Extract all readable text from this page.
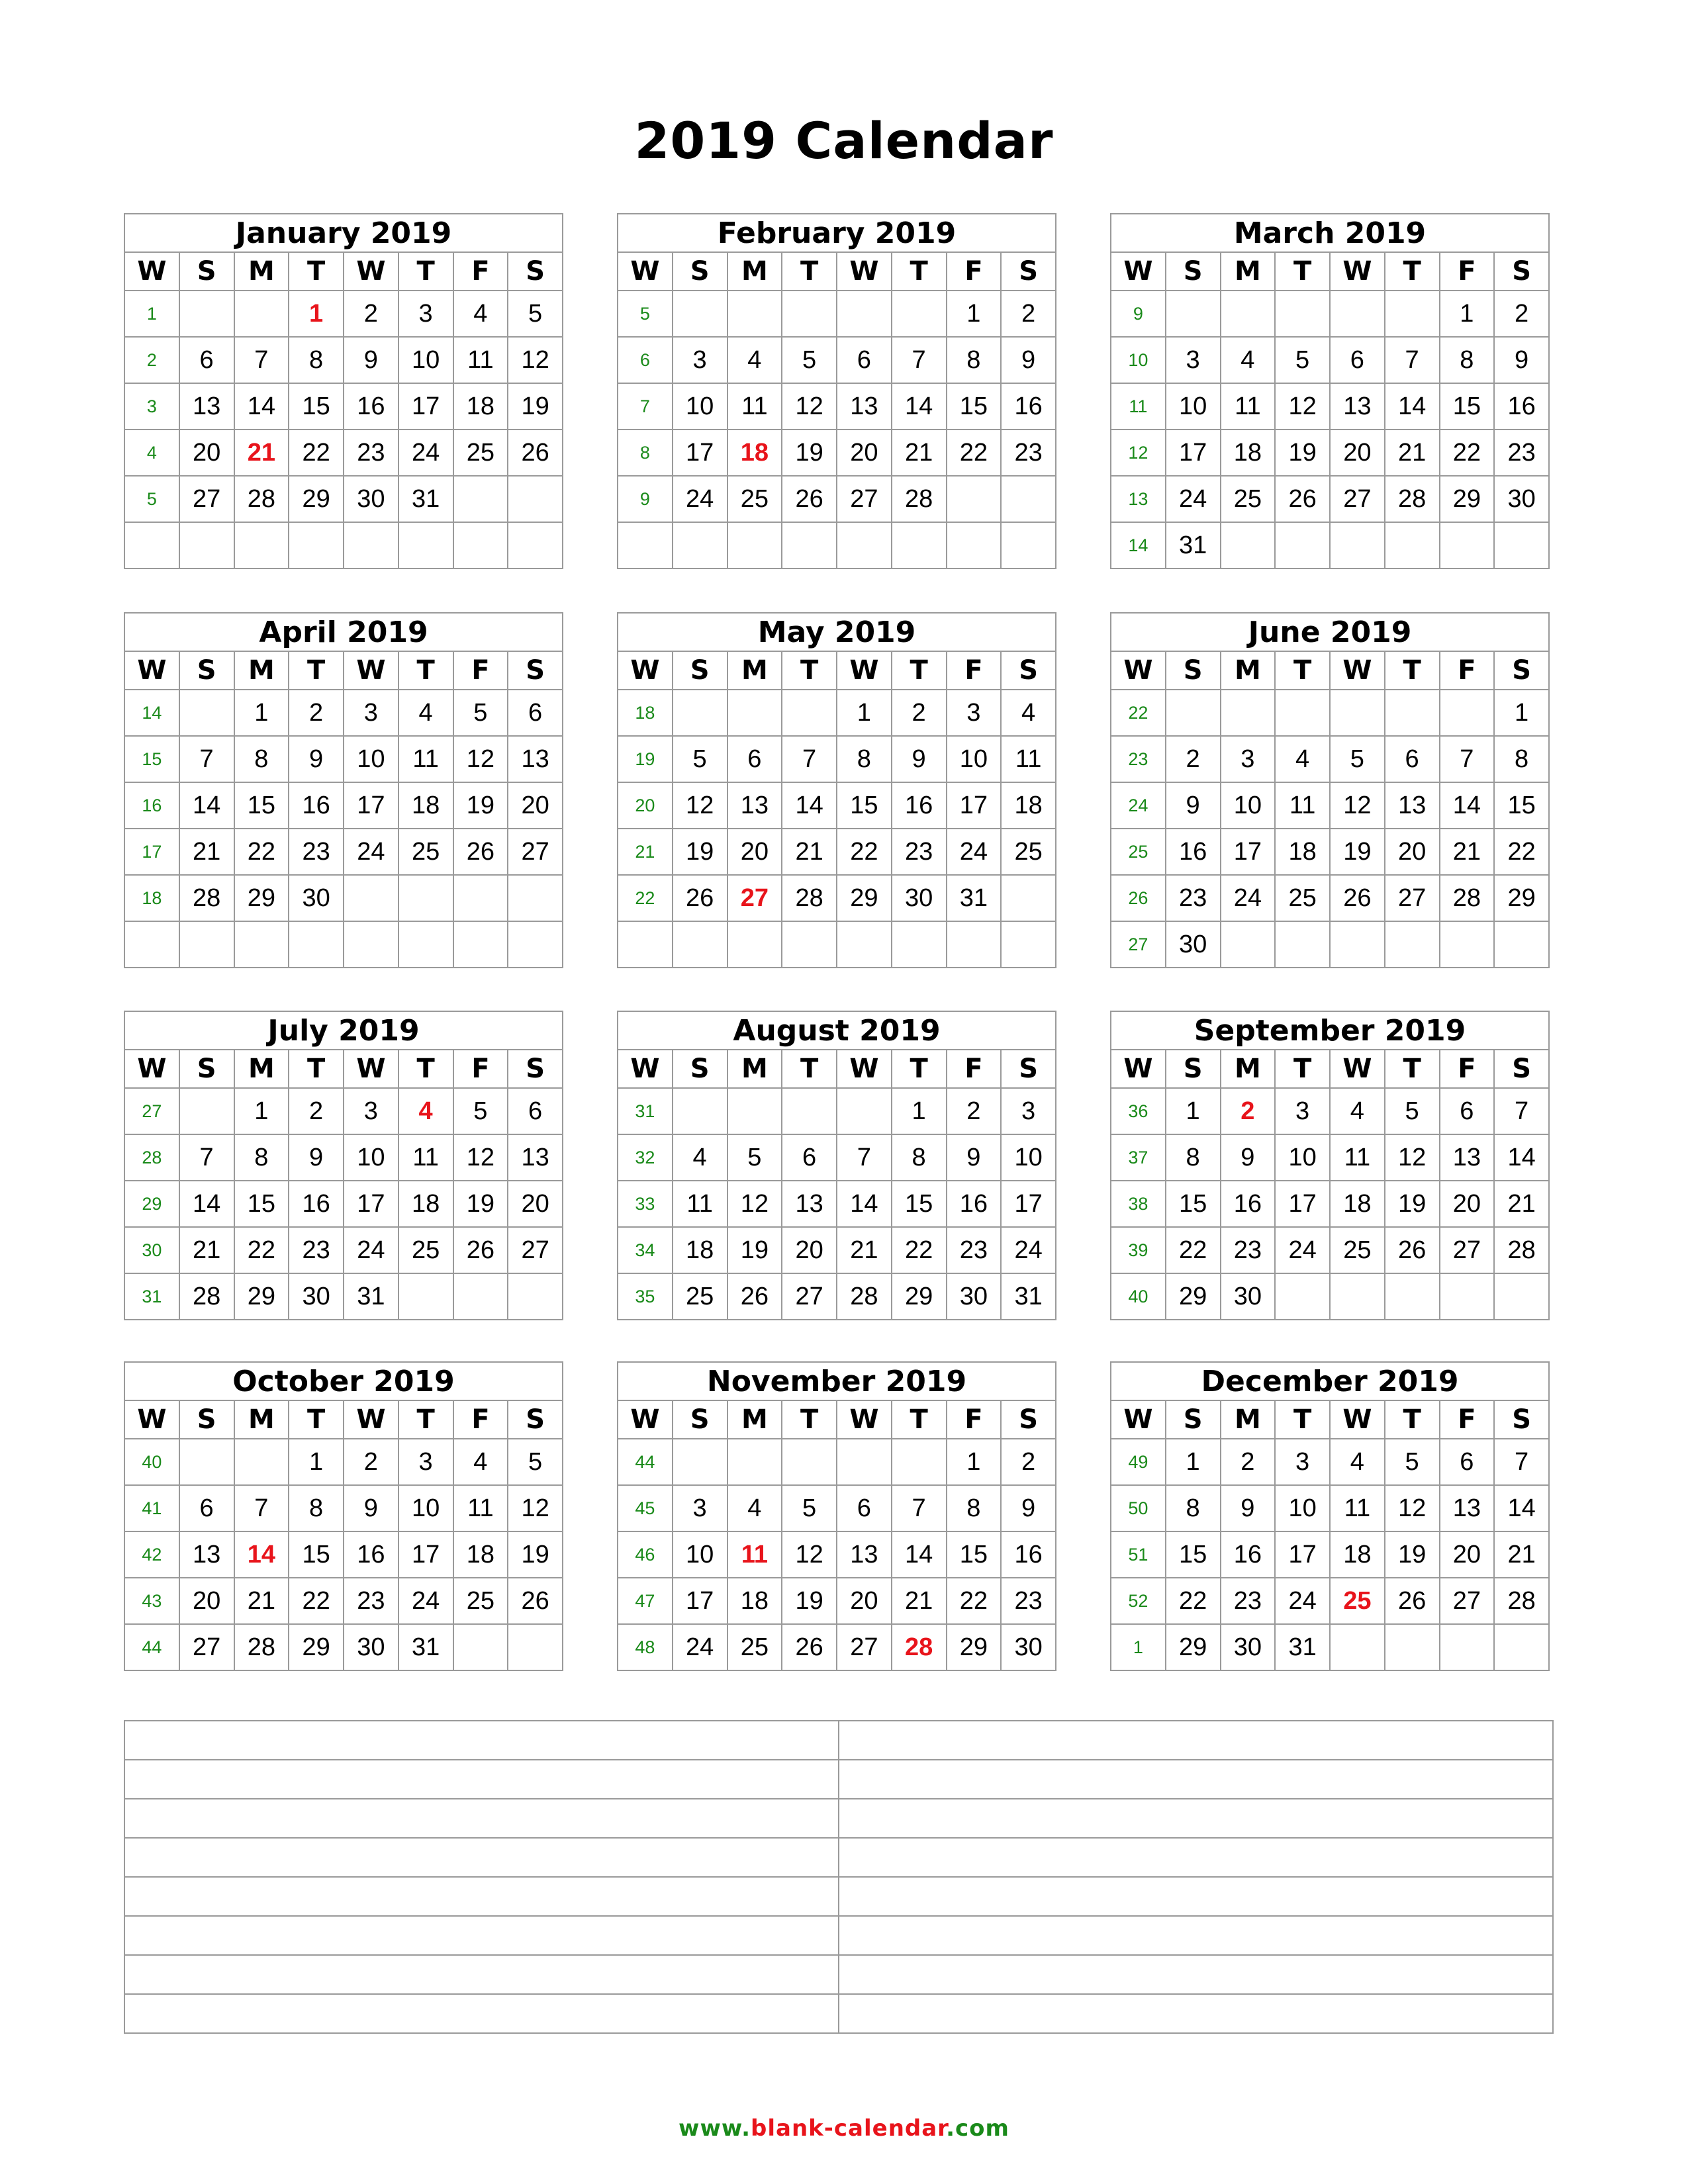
2019 Calendar
January 2019							
W	S	M	T	W	T	F	S
1			1	2	3	4	5
2	6	7	8	9	10	11	12
3	13	14	15	16	17	18	19
4	20	21	22	23	24	25	26
5	27	28	29	30	31		

February 2019							
W	S	M	T	W	T	F	S
5						1	2
6	3	4	5	6	7	8	9
7	10	11	12	13	14	15	16
8	17	18	19	20	21	22	23
9	24	25	26	27	28		

March 2019							
W	S	M	T	W	T	F	S
9						1	2
10	3	4	5	6	7	8	9
11	10	11	12	13	14	15	16
12	17	18	19	20	21	22	23
13	24	25	26	27	28	29	30
14	31						
April 2019							
W	S	M	T	W	T	F	S
14		1	2	3	4	5	6
15	7	8	9	10	11	12	13
16	14	15	16	17	18	19	20
17	21	22	23	24	25	26	27
18	28	29	30				

May 2019							
W	S	M	T	W	T	F	S
18				1	2	3	4
19	5	6	7	8	9	10	11
20	12	13	14	15	16	17	18
21	19	20	21	22	23	24	25
22	26	27	28	29	30	31	

June 2019							
W	S	M	T	W	T	F	S
22							1
23	2	3	4	5	6	7	8
24	9	10	11	12	13	14	15
25	16	17	18	19	20	21	22
26	23	24	25	26	27	28	29
27	30						
July 2019							
W	S	M	T	W	T	F	S
27		1	2	3	4	5	6
28	7	8	9	10	11	12	13
29	14	15	16	17	18	19	20
30	21	22	23	24	25	26	27
31	28	29	30	31			
August 2019							
W	S	M	T	W	T	F	S
31					1	2	3
32	4	5	6	7	8	9	10
33	11	12	13	14	15	16	17
34	18	19	20	21	22	23	24
35	25	26	27	28	29	30	31
September 2019							
W	S	M	T	W	T	F	S
36	1	2	3	4	5	6	7
37	8	9	10	11	12	13	14
38	15	16	17	18	19	20	21
39	22	23	24	25	26	27	28
40	29	30					
October 2019							
W	S	M	T	W	T	F	S
40			1	2	3	4	5
41	6	7	8	9	10	11	12
42	13	14	15	16	17	18	19
43	20	21	22	23	24	25	26
44	27	28	29	30	31		
November 2019							
W	S	M	T	W	T	F	S
44						1	2
45	3	4	5	6	7	8	9
46	10	11	12	13	14	15	16
47	17	18	19	20	21	22	23
48	24	25	26	27	28	29	30
December 2019							
W	S	M	T	W	T	F	S
49	1	2	3	4	5	6	7
50	8	9	10	11	12	13	14
51	15	16	17	18	19	20	21
52	22	23	24	25	26	27	28
1	29	30	31				

www.blank-calendar.com
